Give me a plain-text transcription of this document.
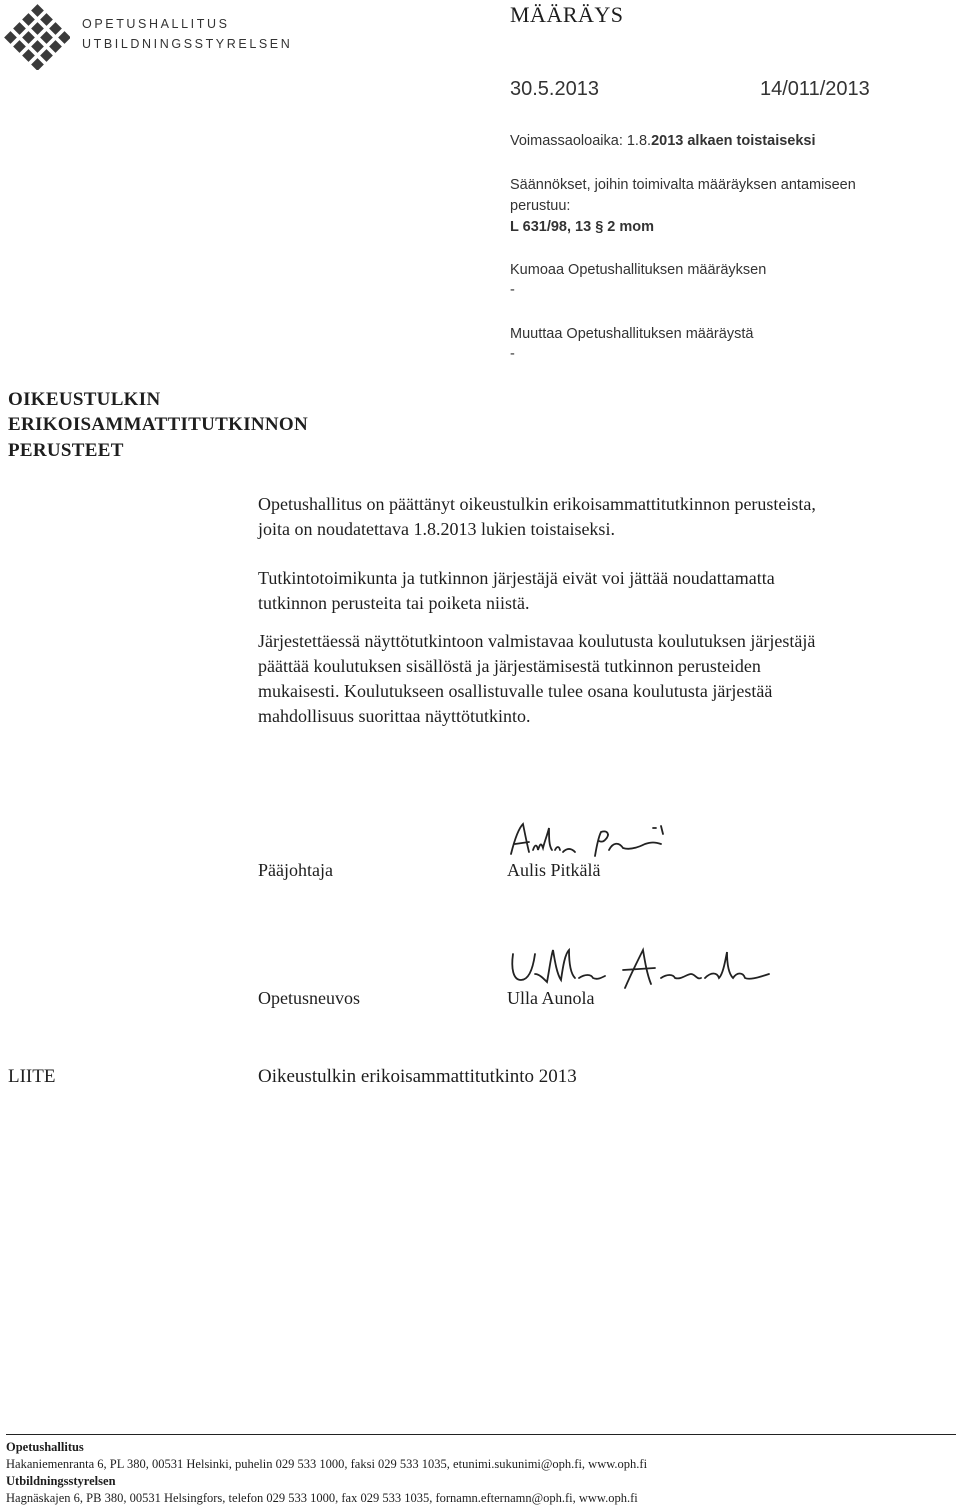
OPETUSHALLITUS
UTBILDNINGSSTYRELSEN
MÄÄRÄYS
30.5.2013	14/011/2013
Voimassaoloaika: 1.8.2013 alkaen toistaiseksi
Säännökset, joihin toimivalta määräyksen antamiseen
perustuu:
L 631/98, 13 § 2 mom
Kumoaa Opetushallituksen määräyksen
-
Muuttaa Opetushallituksen määräystä
-
OIKEUSTULKIN
ERIKOISAMMATTITUTKINNON
PERUSTEET
Opetushallitus on päättänyt oikeustulkin erikoisammattitutkinnon perusteista,
joita on noudatettava 1.8.2013 lukien toistaiseksi.
Tutkintotoimikunta ja tutkinnon järjestäjä eivät voi jättää noudattamatta
tutkinnon perusteita tai poiketa niistä.
Järjestettäessä näyttötutkintoon valmistavaa koulutusta koulutuksen järjestäjä
päättää koulutuksen sisällöstä ja järjestämisestä tutkinnon perusteiden
mukaisesti. Koulutukseen osallistuvalle tulee osana koulutusta järjestää
mahdollisuus suorittaa näyttötutkinto.
Pääjohtaja	Aulis Pitkälä
Opetusneuvos	Ulla Aunola
LIITE	Oikeustulkin erikoisammattitutkinto 2013
Opetushallitus
Hakaniemenranta 6, PL 380, 00531 Helsinki, puhelin 029 533 1000, faksi 029 533 1035, etunimi.sukunimi@oph.fi, www.oph.fi
Utbildningsstyrelsen
Hagnäskajen 6, PB 380, 00531 Helsingfors, telefon 029 533 1000, fax 029 533 1035, fornamn.efternamn@oph.fi, www.oph.fi
